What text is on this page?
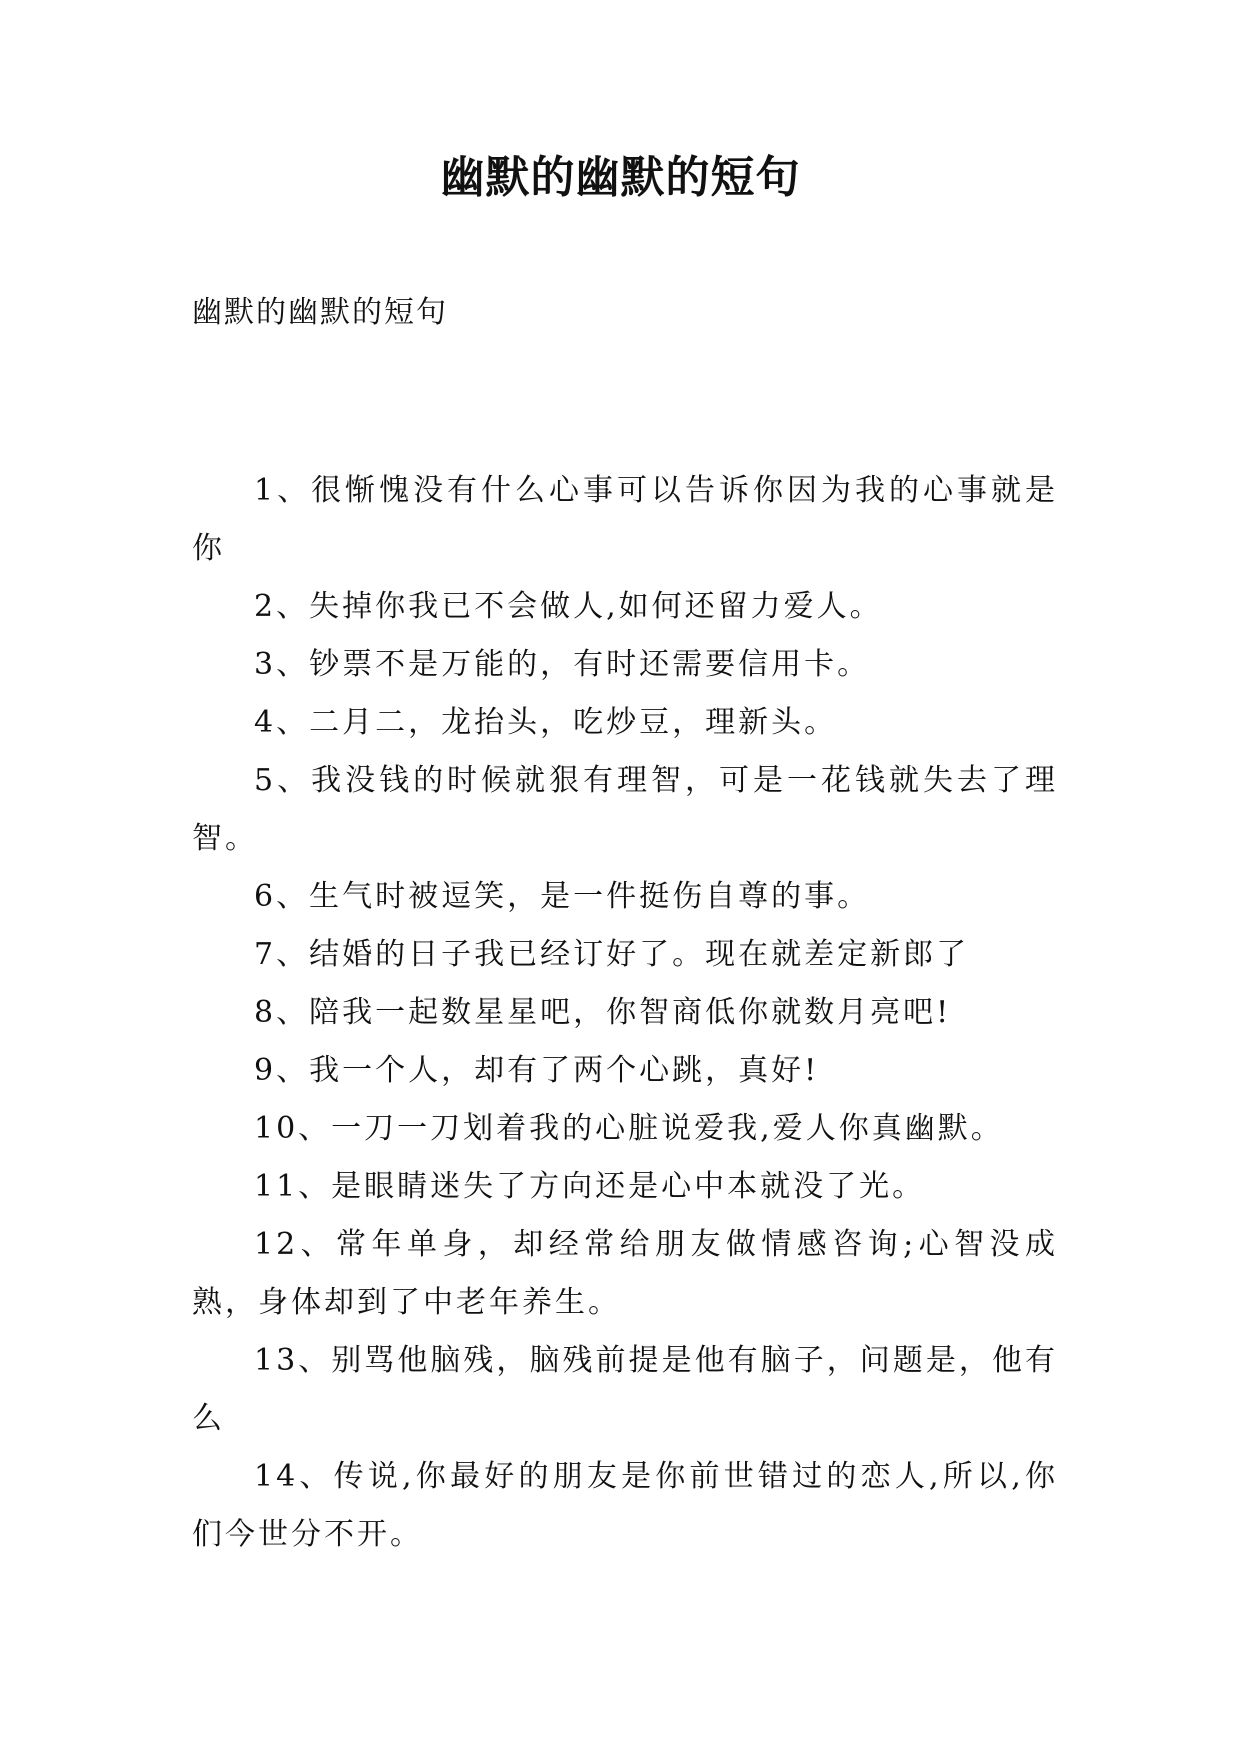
幽默的幽默的短句

幽默的幽默的短句

1、很惭愧没有什么心事可以告诉你因为我的心事就是你

2、失掉你我已不会做人,如何还留力爱人。

3、钞票不是万能的，有时还需要信用卡。

4、二月二，龙抬头，吃炒豆，理新头。

5、我没钱的时候就狠有理智，可是一花钱就失去了理智。

6、生气时被逗笑，是一件挺伤自尊的事。

7、结婚的日子我已经订好了。现在就差定新郎了

8、陪我一起数星星吧，你智商低你就数月亮吧!

9、我一个人，却有了两个心跳，真好!

10、一刀一刀划着我的心脏说爱我,爱人你真幽默。

11、是眼睛迷失了方向还是心中本就没了光。

12、常年单身，却经常给朋友做情感咨询;心智没成熟，身体却到了中老年养生。

13、别骂他脑残，脑残前提是他有脑子，问题是，他有么

14、传说,你最好的朋友是你前世错过的恋人,所以,你们今世分不开。
